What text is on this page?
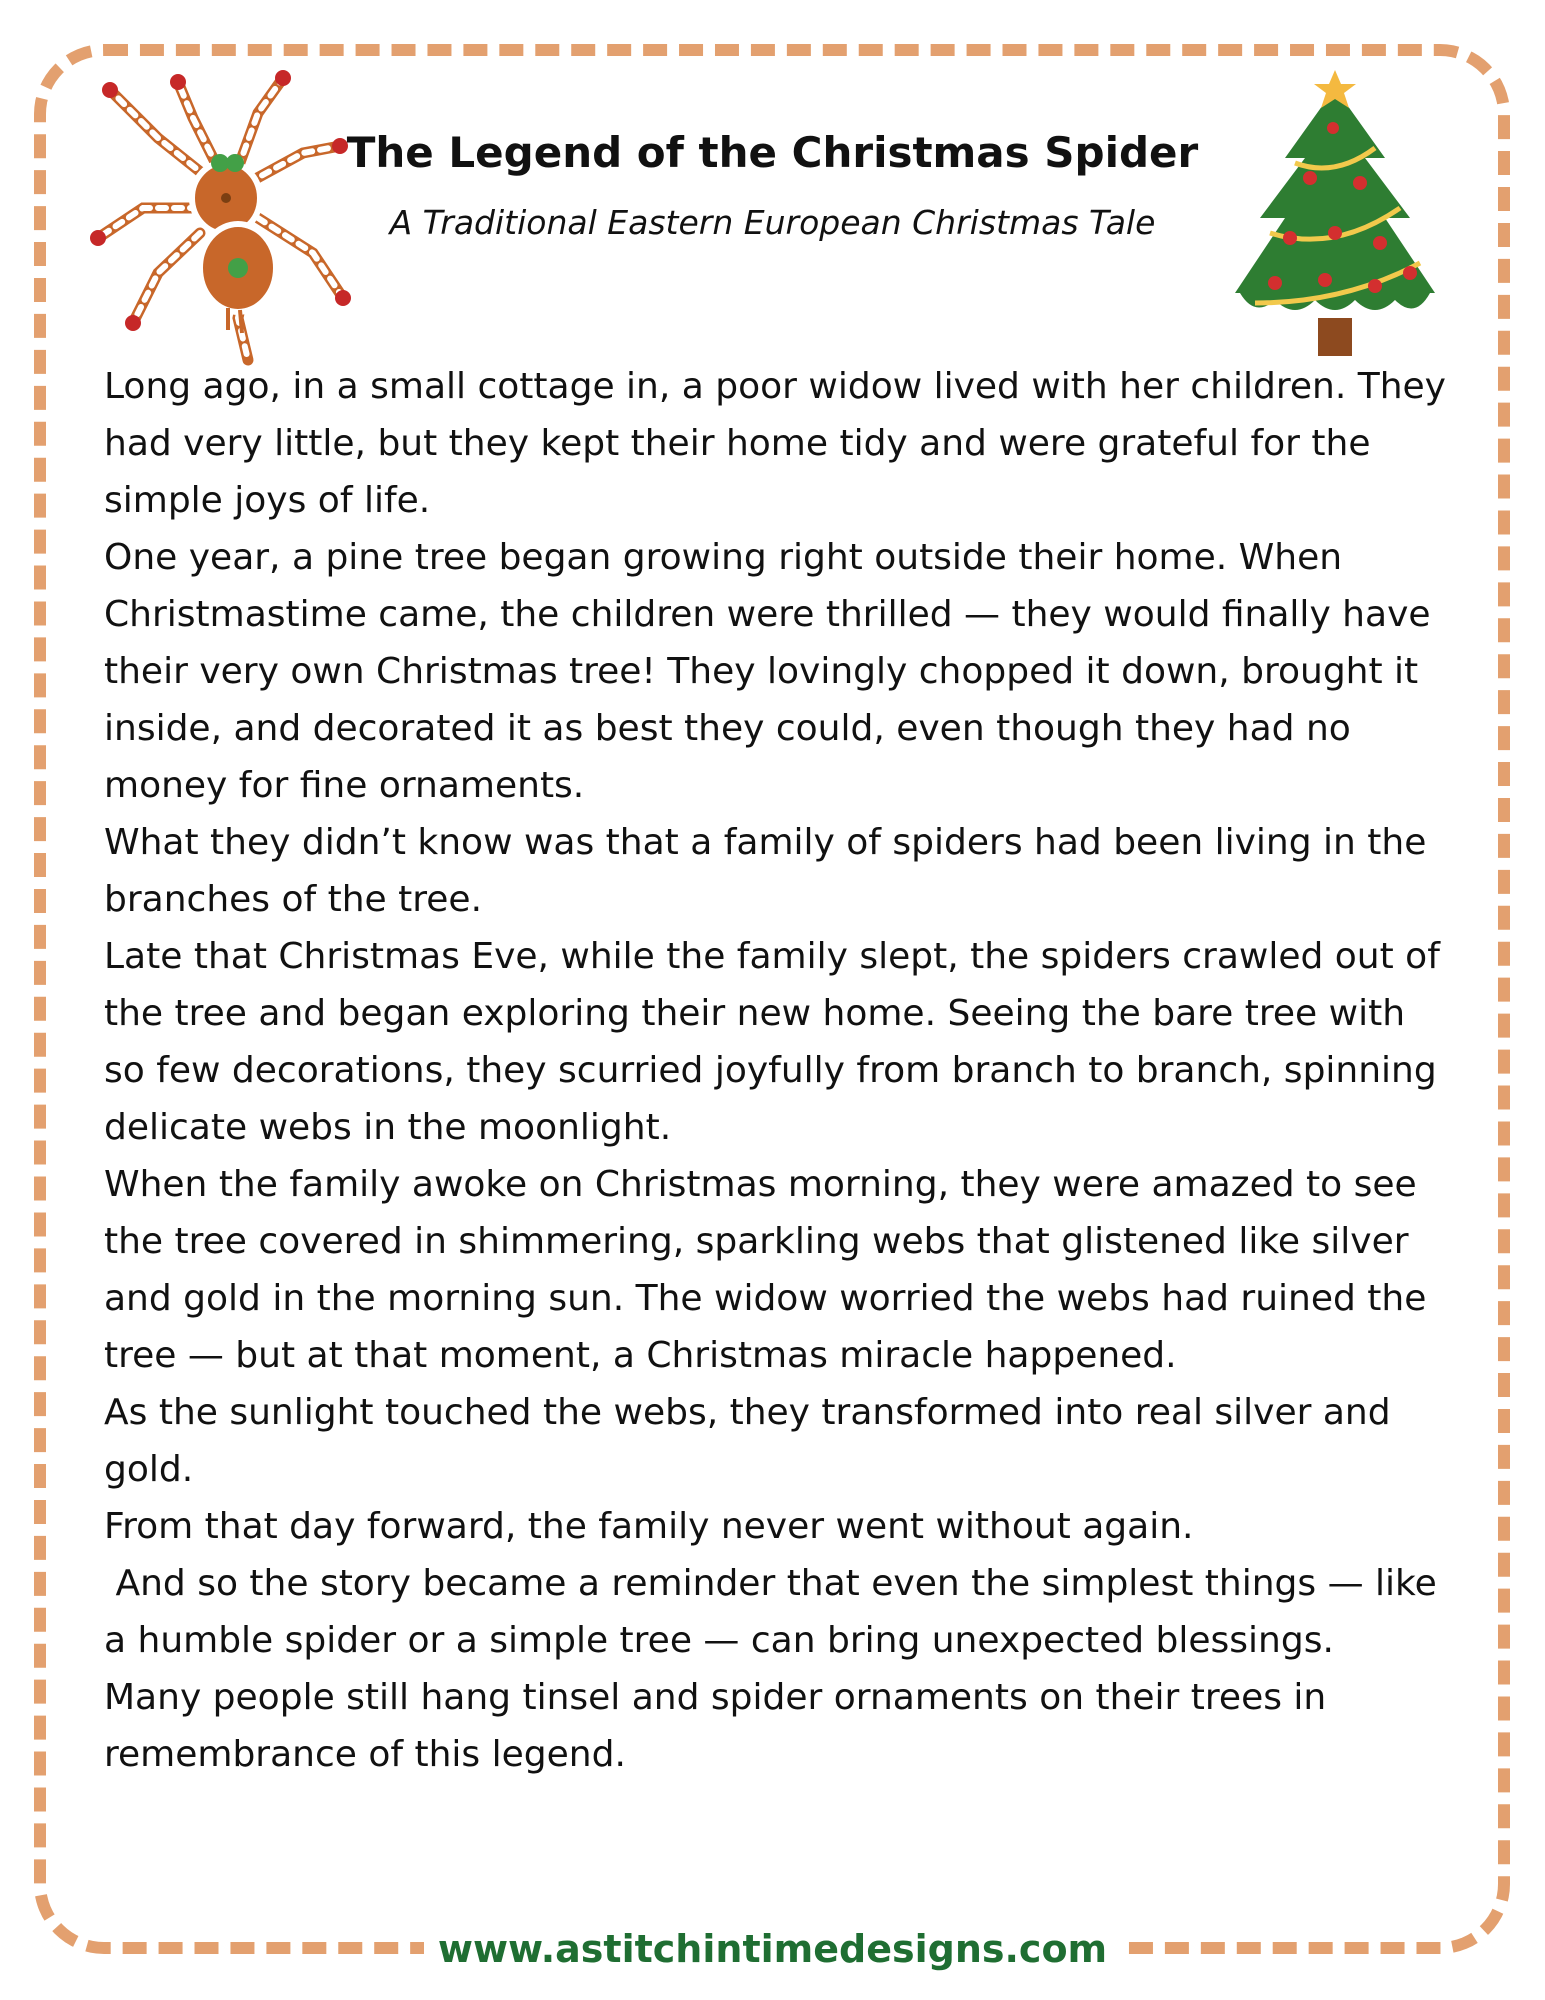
The Legend of the Christmas Spider

A Traditional Eastern European Christmas Tale

Long ago, in a small cottage in, a poor widow lived with her children. They had very little, but they kept their home tidy and were grateful for the simple joys of life.

One year, a pine tree began growing right outside their home. When Christmastime came, the children were thrilled — they would finally have their very own Christmas tree! They lovingly chopped it down, brought it inside, and decorated it as best they could, even though they had no money for fine ornaments.

What they didn’t know was that a family of spiders had been living in the branches of the tree.

Late that Christmas Eve, while the family slept, the spiders crawled out of the tree and began exploring their new home. Seeing the bare tree with so few decorations, they scurried joyfully from branch to branch, spinning delicate webs in the moonlight.

When the family awoke on Christmas morning, they were amazed to see the tree covered in shimmering, sparkling webs that glistened like silver and gold in the morning sun. The widow worried the webs had ruined the tree — but at that moment, a Christmas miracle happened.

As the sunlight touched the webs, they transformed into real silver and gold.

From that day forward, the family never went without again.

And so the story became a reminder that even the simplest things — like a humble spider or a simple tree — can bring unexpected blessings.

Many people still hang tinsel and spider ornaments on their trees in remembrance of this legend.

www.astitchintimedesigns.com
